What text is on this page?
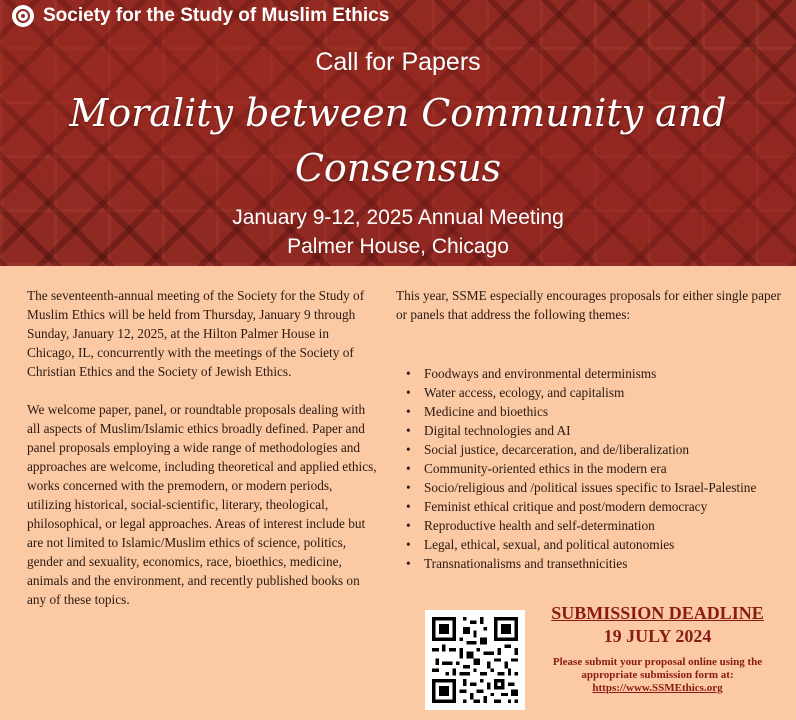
Society for the Study of Muslim Ethics
Call for Papers
Morality between Community and
Consensus
January 9-12, 2025 Annual Meeting
Palmer House, Chicago

The seventeenth-annual meeting of the Society for the Study of Muslim Ethics will be held from Thursday, January 9 through Sunday, January 12, 2025, at the Hilton Palmer House in Chicago, IL, concurrently with the meetings of the Society of Christian Ethics and the Society of Jewish Ethics.

We welcome paper, panel, or roundtable proposals dealing with all aspects of Muslim/Islamic ethics broadly defined. Paper and panel proposals employing a wide range of methodologies and approaches are welcome, including theoretical and applied ethics, works concerned with the premodern, or modern periods, utilizing historical, social-scientific, literary, theological, philosophical, or legal approaches. Areas of interest include but are not limited to Islamic/Muslim ethics of science, politics, gender and sexuality, economics, race, bioethics, medicine, animals and the environment, and recently published books on any of these topics.

This year, SSME especially encourages proposals for either single paper or panels that address the following themes:

• Foodways and environmental determinisms
• Water access, ecology, and capitalism
• Medicine and bioethics
• Digital technologies and AI
• Social justice, decarceration, and de/liberalization
• Community-oriented ethics in the modern era
• Socio/religious and /political issues specific to Israel-Palestine
• Feminist ethical critique and post/modern democracy
• Reproductive health and self-determination
• Legal, ethical, sexual, and political autonomies
• Transnationalisms and transethnicities
SUBMISSION DEADLINE
19 JULY 2024
Please submit your proposal online using the appropriate submission form at:
https://www.SSMEthics.org
